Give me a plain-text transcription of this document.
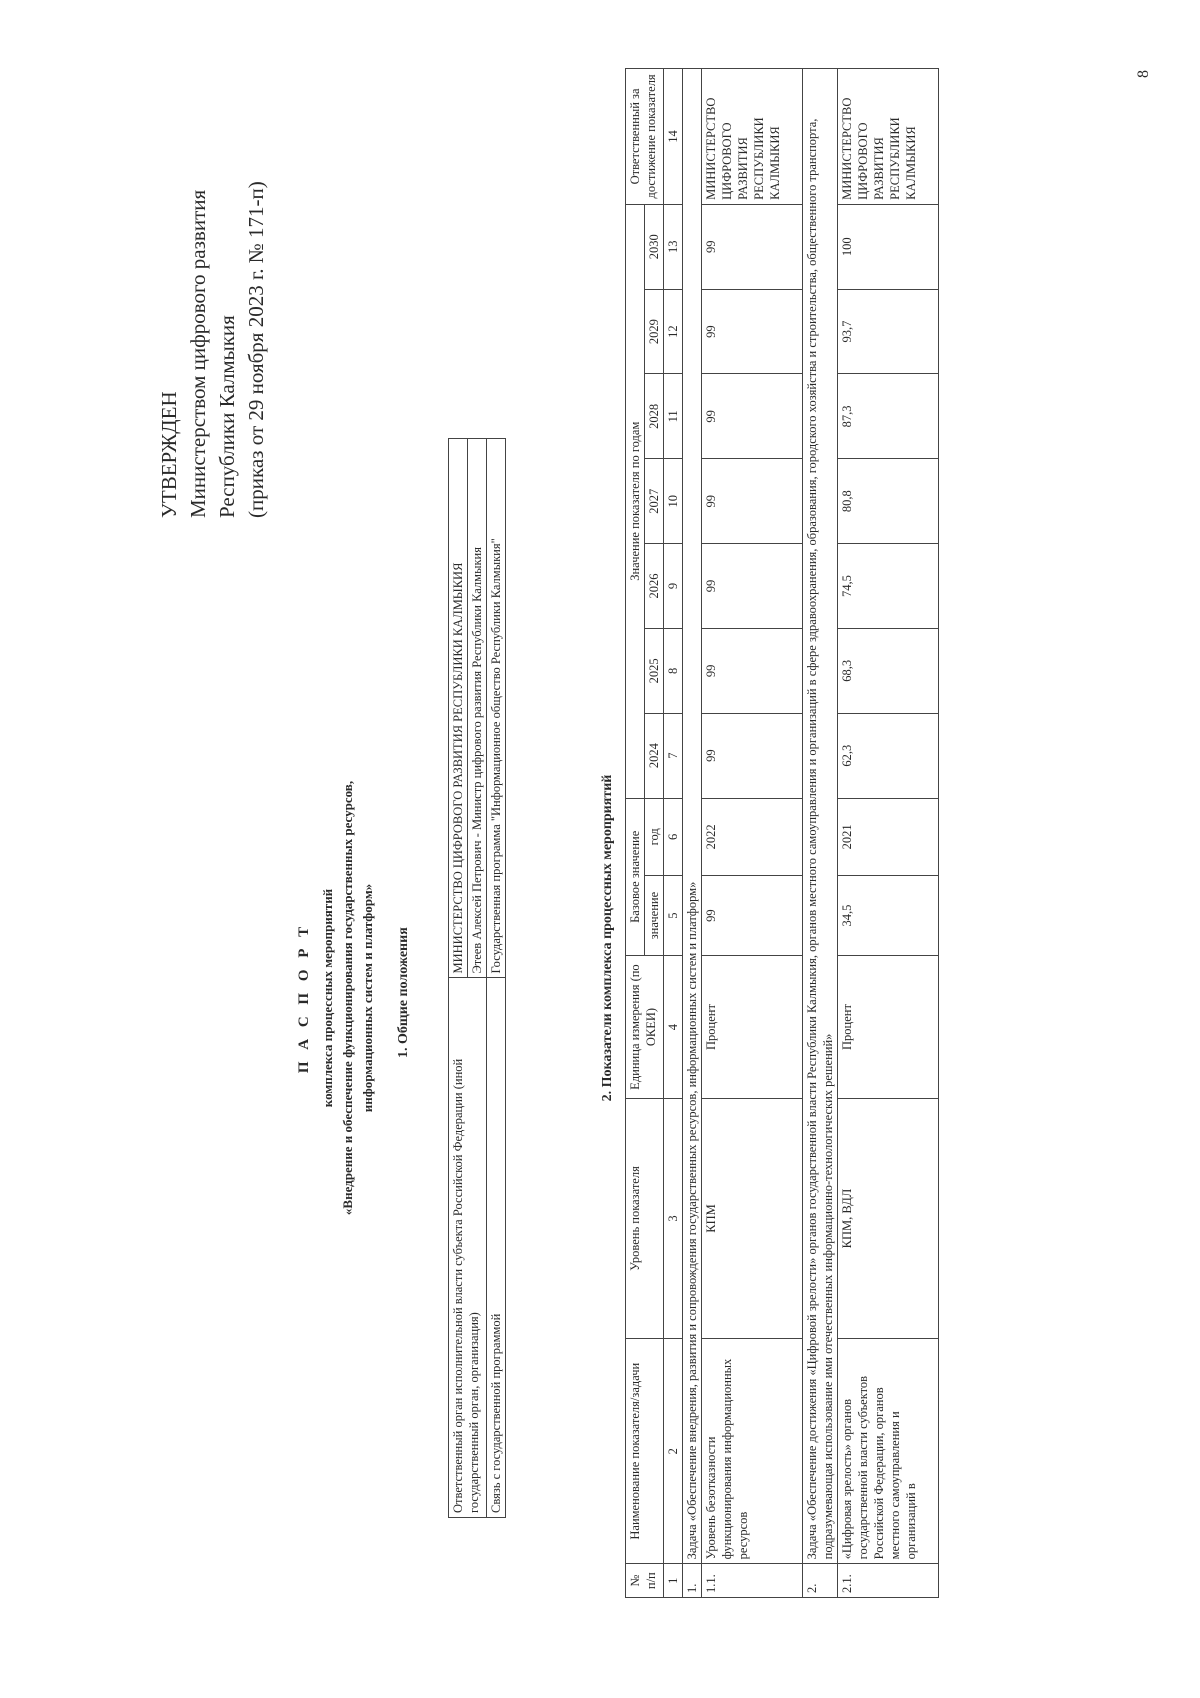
УТВЕРЖДЕН Министерством цифрового развития Республики Калмыкия (приказ от 29 ноября 2023 г. № 171-п)
П А С П О Р Т комплекса процессных мероприятий «Внедрение и обеспечение функционирования государственных ресурсов, информационных систем и платформ» 1. Общие положения
Ответственный орган исполнительной власти субъекта Российской Федерации (иной государственный орган, организация)	МИНИСТЕРСТВО ЦИФРОВОГО РАЗВИТИЯ РЕСПУБЛИКИ КАЛМЫКИЯ
	Этеев Алексей Петрович - Министр цифрового развития Республики Калмыкия
Связь с государственной программой	Государственная программа "Информационное общество Республики Калмыкия"	2. Показатели комплекса процессных мероприятий
№ п/п	Наименование показателя/задачи	Уровень показателя	Единица измерения (по ОКЕИ)	Базовое значение		Значение показателя по годам							Ответственный за достижение показателя
				значение	год	2024	2025	2026	2027	2028	2029	2030	
1	2	3	4	5	6	7	8	9	10	11	12	13	14
1.	Задача «Обеспечение внедрения, развития и сопровождения государственных ресурсов, информационных систем и платформ»												
1.1.	Уровень безотказности функционирования информационных ресурсов	КПМ	Процент	99	2022	99	99	99	99	99	99	99	МИНИСТЕРСТВО ЦИФРОВОГО РАЗВИТИЯ РЕСПУБЛИКИ КАЛМЫКИЯ
2.	Задача «Обеспечение достижения «Цифровой зрелости» органов государственной власти Республики Калмыкия, органов местного самоуправления и организаций в сфере здравоохранения, образования, городского хозяйства и строительства, общественного транспорта, подразумевающая использование ими отечественных информационно-технологических решений»												
2.1.	«Цифровая зрелость» органов государственной власти субъектов Российской Федерации, органов местного самоуправления и организаций в	КПМ, ВДЛ	Процент	34,5	2021	62,3	68,3	74,5	80,8	87,3	93,7	100	МИНИСТЕРСТВО ЦИФРОВОГО РАЗВИТИЯ РЕСПУБЛИКИ КАЛМЫКИЯ
8
